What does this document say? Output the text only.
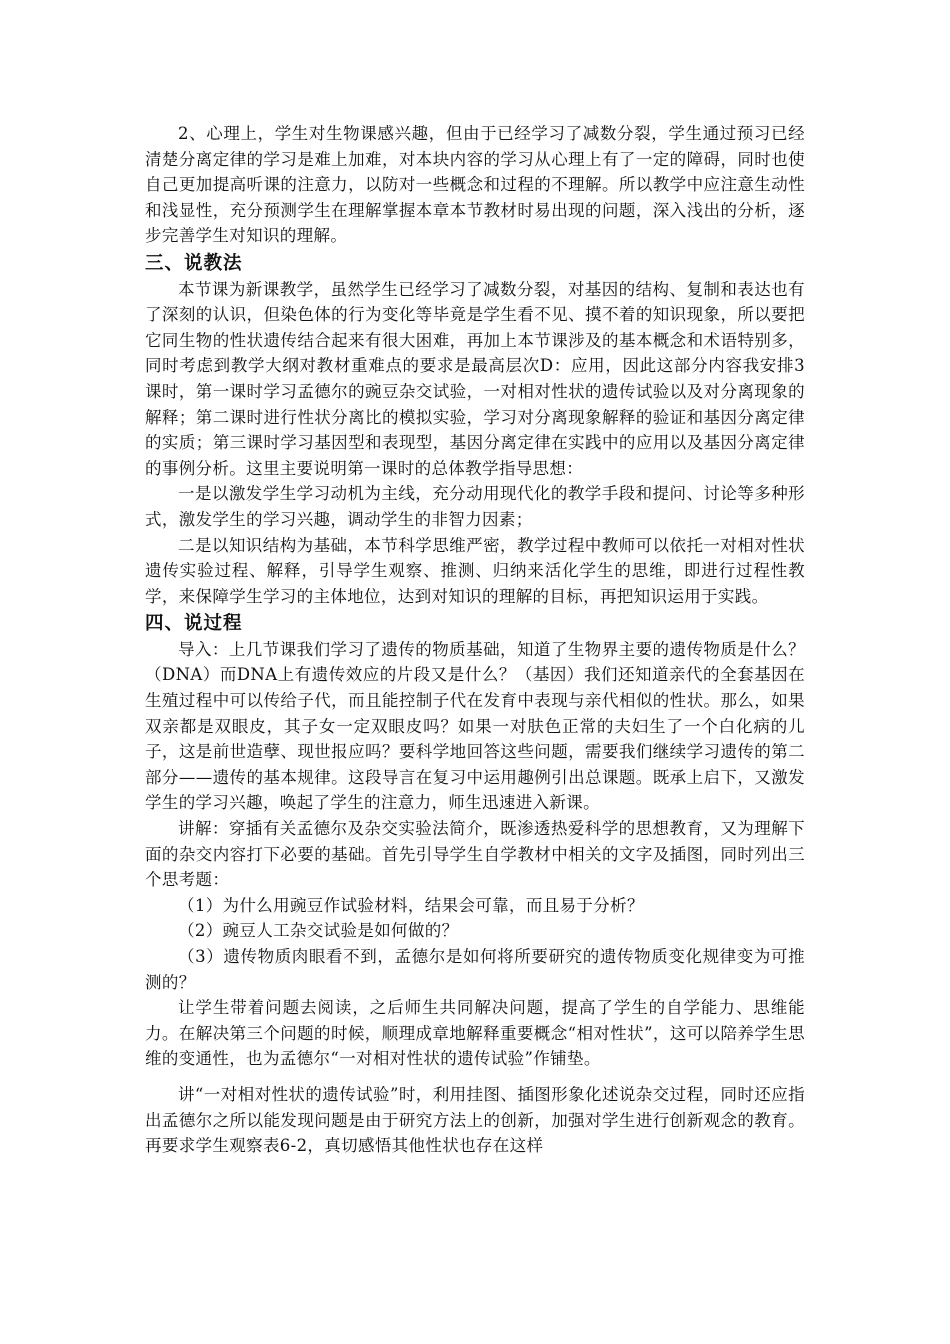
2、心理上，学生对生物课感兴趣，但由于已经学习了减数分裂，学生通过预习已经清楚分离定律的学习是难上加难，对本块内容的学习从心理上有了一定的障碍，同时也使自己更加提高听课的注意力，以防对一些概念和过程的不理解。所以教学中应注意生动性和浅显性，充分预测学生在理解掌握本章本节教材时易出现的问题，深入浅出的分析，逐步完善学生对知识的理解。

三、说教法

本节课为新课教学，虽然学生已经学习了减数分裂，对基因的结构、复制和表达也有了深刻的认识，但染色体的行为变化等毕竟是学生看不见、摸不着的知识现象，所以要把它同生物的性状遗传结合起来有很大困难，再加上本节课涉及的基本概念和术语特别多，同时考虑到教学大纲对教材重难点的要求是最高层次D：应用，因此这部分内容我安排3课时，第一课时学习孟德尔的豌豆杂交试验，一对相对性状的遗传试验以及对分离现象的解释；第二课时进行性状分离比的模拟实验，学习对分离现象解释的验证和基因分离定律的实质；第三课时学习基因型和表现型，基因分离定律在实践中的应用以及基因分离定律的事例分析。这里主要说明第一课时的总体教学指导思想：

一是以激发学生学习动机为主线，充分动用现代化的教学手段和提问、讨论等多种形式，激发学生的学习兴趣，调动学生的非智力因素；

二是以知识结构为基础，本节科学思维严密，教学过程中教师可以依托一对相对性状遗传实验过程、解释，引导学生观察、推测、归纳来活化学生的思维，即进行过程性教学，来保障学生学习的主体地位，达到对知识的理解的目标，再把知识运用于实践。

四、说过程

导入：上几节课我们学习了遗传的物质基础，知道了生物界主要的遗传物质是什么？（DNA）而DNA上有遗传效应的片段又是什么？（基因）我们还知道亲代的全套基因在生殖过程中可以传给子代，而且能控制子代在发育中表现与亲代相似的性状。那么，如果双亲都是双眼皮，其子女一定双眼皮吗？如果一对肤色正常的夫妇生了一个白化病的儿子，这是前世造孽、现世报应吗？要科学地回答这些问题，需要我们继续学习遗传的第二部分——遗传的基本规律。这段导言在复习中运用趣例引出总课题。既承上启下，又激发学生的学习兴趣，唤起了学生的注意力，师生迅速进入新课。

讲解：穿插有关孟德尔及杂交实验法简介，既渗透热爱科学的思想教育，又为理解下面的杂交内容打下必要的基础。首先引导学生自学教材中相关的文字及插图，同时列出三个思考题：

（1）为什么用豌豆作试验材料，结果会可靠，而且易于分析？

（2）豌豆人工杂交试验是如何做的？

（3）遗传物质肉眼看不到，孟德尔是如何将所要研究的遗传物质变化规律变为可推测的？

让学生带着问题去阅读，之后师生共同解决问题，提高了学生的自学能力、思维能力。在解决第三个问题的时候，顺理成章地解释重要概念“相对性状”，这可以陪养学生思维的变通性，也为孟德尔“一对相对性状的遗传试验”作铺垫。

讲“一对相对性状的遗传试验”时，利用挂图、插图形象化述说杂交过程，同时还应指出孟德尔之所以能发现问题是由于研究方法上的创新，加强对学生进行创新观念的教育。再要求学生观察表6-2，真切感悟其他性状也存在这样
